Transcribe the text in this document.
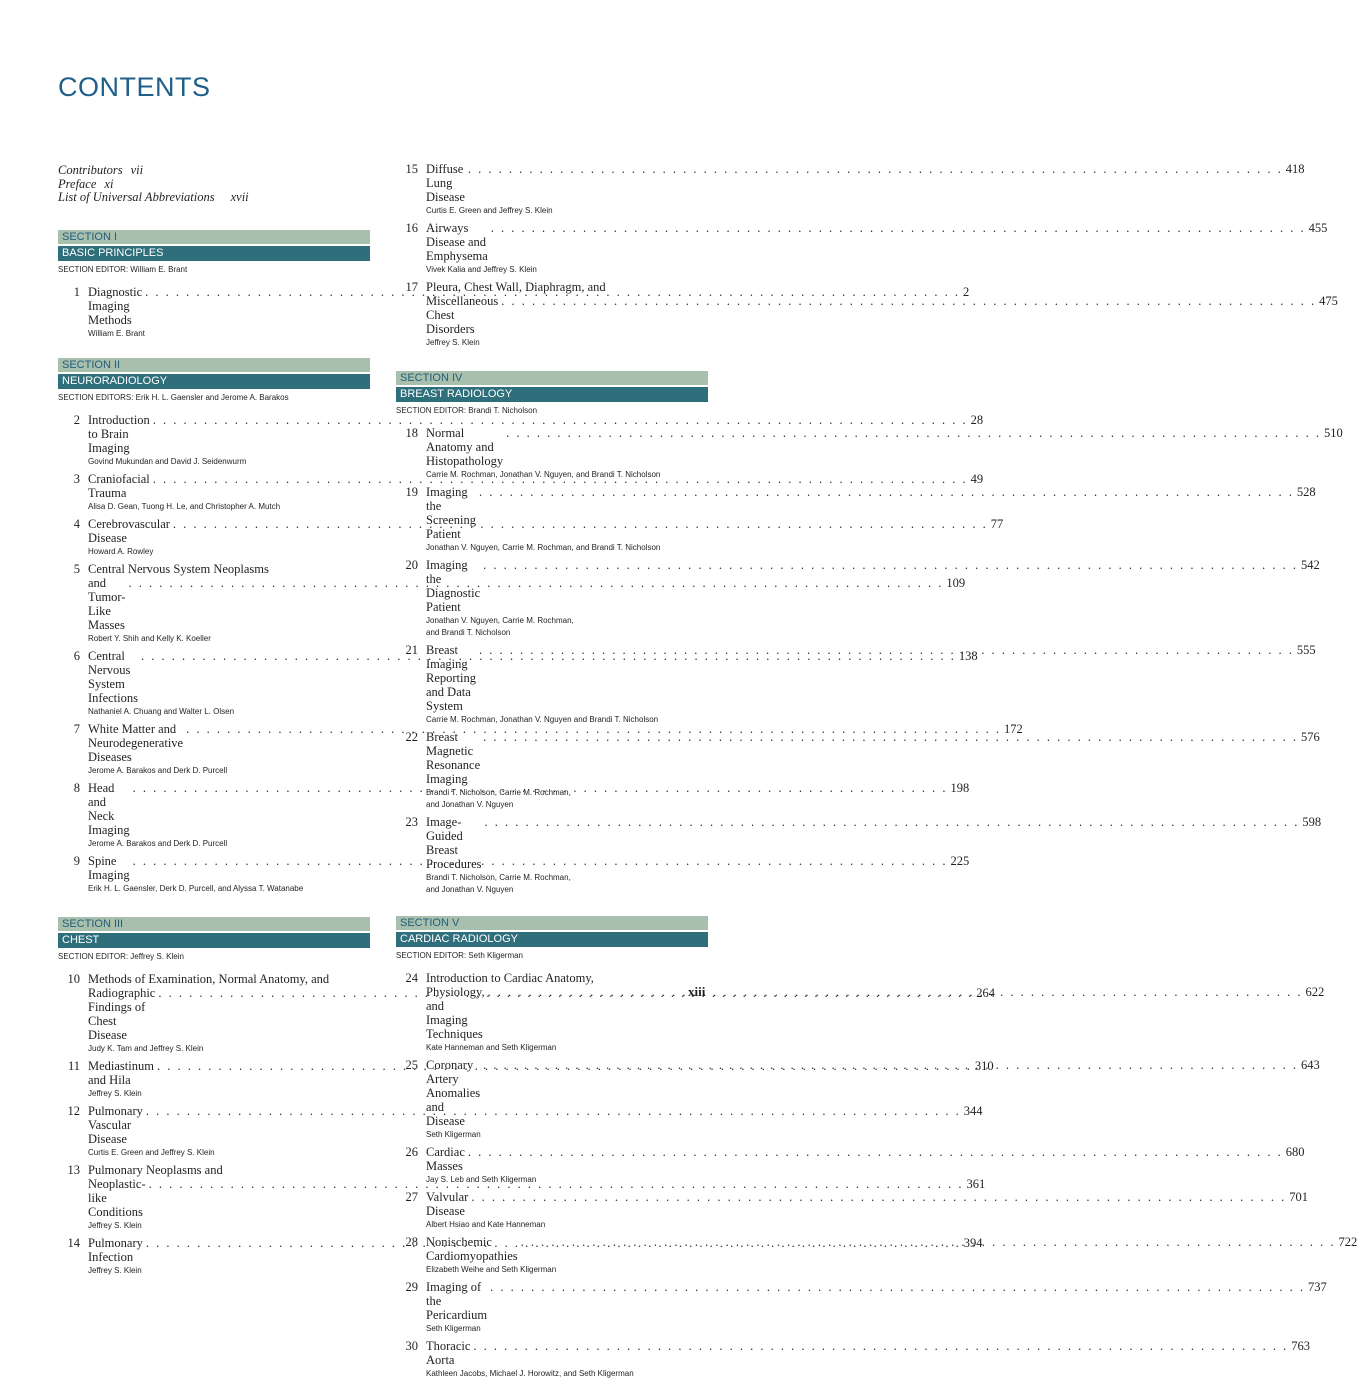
CONTENTS
Contributors vii
Preface xi
List of Universal Abbreviations xvii
SECTION I
BASIC PRINCIPLES
SECTION EDITOR: William E. Brant
1 Diagnostic Imaging Methods
. . .
2
William E. Brant
SECTION II
NEURORADIOLOGY
SECTION EDITORS: Erik H. L. Gaensler and Jerome A. Barakos
2 Introduction to Brain Imaging
. . .
28
Govind Mukundan and David J. Seidenwurm
3 Craniofacial Trauma
. . .
49
Alisa D. Gean, Tuong H. Le, and Christopher A. Mutch
4 Cerebrovascular Disease
. . .
77
Howard A. Rowley
5 Central Nervous System Neoplasms
and Tumor-Like Masses
. . .
109
Robert Y. Shih and Kelly K. Koeller
6 Central Nervous System Infections
. . .
138
Nathaniel A. Chuang and Walter L. Olsen
7 White Matter and Neurodegenerative Diseases
. . .
172
Jerome A. Barakos and Derk D. Purcell
8 Head and Neck Imaging
. . .
198
Jerome A. Barakos and Derk D. Purcell
9 Spine Imaging
. . .
225
Erik H. L. Gaensler, Derk D. Purcell, and Alyssa T. Watanabe
SECTION III
CHEST
SECTION EDITOR: Jeffrey S. Klein
10 Methods of Examination, Normal Anatomy, and
Radiographic Findings of Chest Disease
. . .
264
Judy K. Tam and Jeffrey S. Klein
11 Mediastinum and Hila
. . .
310
Jeffrey S. Klein
12 Pulmonary Vascular Disease
. . .
344
Curtis E. Green and Jeffrey S. Klein
13 Pulmonary Neoplasms and
Neoplastic-like Conditions
. . .
361
Jeffrey S. Klein
14 Pulmonary Infection
. . .
394
Jeffrey S. Klein
15 Diffuse Lung Disease
. . .
418
Curtis E. Green and Jeffrey S. Klein
16 Airways Disease and Emphysema
. . .
455
Vivek Kalia and Jeffrey S. Klein
17 Pleura, Chest Wall, Diaphragm, and
Miscellaneous Chest Disorders
. . .
475
Jeffrey S. Klein
SECTION IV
BREAST RADIOLOGY
SECTION EDITOR: Brandi T. Nicholson
18 Normal Anatomy and Histopathology
. . .
510
Carrie M. Rochman, Jonathan V. Nguyen, and Brandi T. Nicholson
19 Imaging the Screening Patient
. . .
528
Jonathan V. Nguyen, Carrie M. Rochman, and Brandi T. Nicholson
20 Imaging the Diagnostic Patient
. . .
542
Jonathan V. Nguyen, Carrie M. Rochman,
and Brandi T. Nicholson
21 Breast Imaging Reporting and Data System
. . .
555
Carrie M. Rochman, Jonathan V. Nguyen and Brandi T. Nicholson
22 Breast Magnetic Resonance Imaging
. . .
576
Brandi T. Nicholson, Carrie M. Rochman,
and Jonathan V. Nguyen
23 Image-Guided Breast Procedures
. . .
598
Brandi T. Nicholson, Carrie M. Rochman,
and Jonathan V. Nguyen
SECTION V
CARDIAC RADIOLOGY
SECTION EDITOR: Seth Kligerman
24 Introduction to Cardiac Anatomy,
Physiology, and Imaging Techniques
. . .
622
Kate Hanneman and Seth Kligerman
25 Coronary Artery Anomalies and Disease
. . .
643
Seth Kligerman
26 Cardiac Masses
. . .
680
Jay S. Leb and Seth Kligerman
27 Valvular Disease
. . .
701
Albert Hsiao and Kate Hanneman
28 Nonischemic Cardiomyopathies
. . .
722
Elizabeth Weihe and Seth Kligerman
29 Imaging of the Pericardium
. . .
737
Seth Kligerman
30 Thoracic Aorta
. . .
763
Kathleen Jacobs, Michael J. Horowitz, and Seth Kligerman
xiii
